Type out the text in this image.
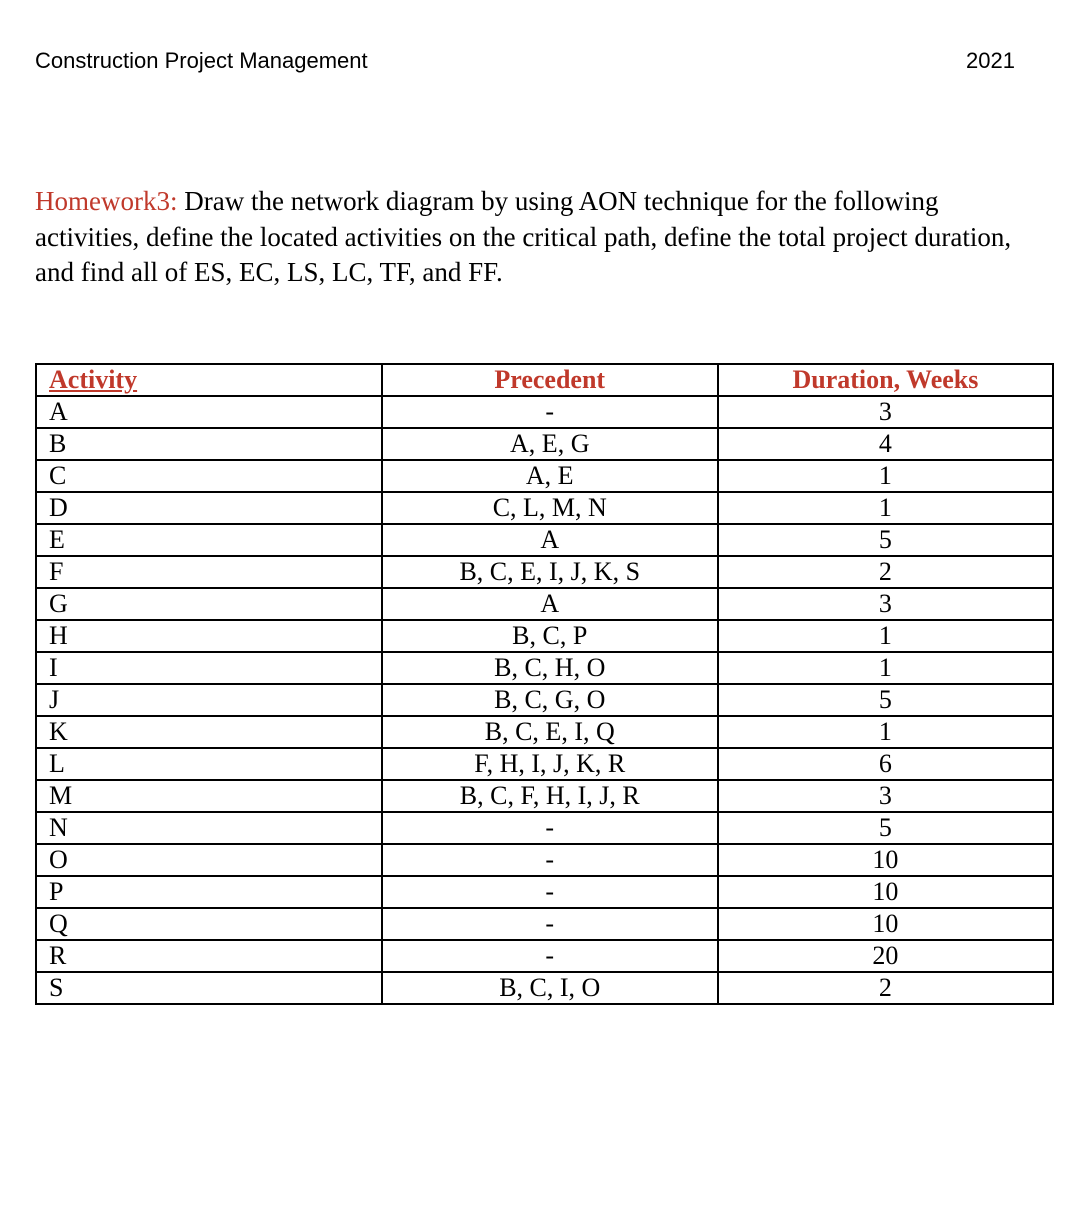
Construction Project Management	2021
Homework3: Draw the network diagram by using AON technique for the following activities, define the located activities on the critical path, define the total project duration, and find all of ES, EC, LS, LC, TF, and FF.
Activity	Precedent	Duration, Weeks
A	-	3
B	A, E, G	4
C	A, E	1
D	C, L, M, N	1
E	A	5
F	B, C, E, I, J, K, S	2
G	A	3
H	B, C, P	1
I	B, C, H, O	1
J	B, C, G, O	5
K	B, C, E, I, Q	1
L	F, H, I, J, K, R	6
M	B, C, F, H, I, J, R	3
N	-	5
O	-	10
P	-	10
Q	-	10
R	-	20
S	B, C, I, O	2
